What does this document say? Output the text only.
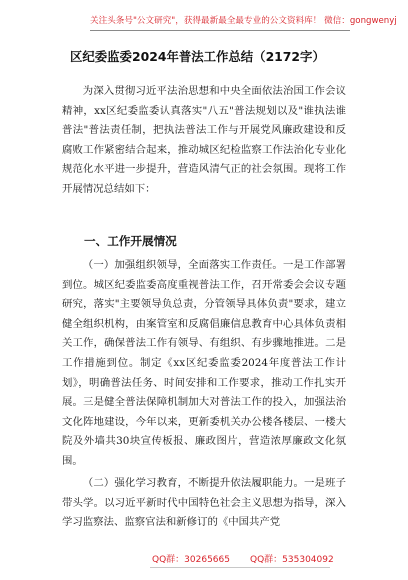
关注头条号"公文研究"，获得最新最全最专业的公文资料库！ 微信：gongwenyj
区纪委监委2024年普法工作总结（2172字）

为深入贯彻习近平法治思想和中央全面依法治国工作会议精神，xx区纪委监委认真落实"八五"普法规划以及"谁执法谁普法"普法责任制，把执法普法工作与开展党风廉政建设和反腐败工作紧密结合起来，推动城区纪检监察工作法治化专业化规范化水平进一步提升，营造风清气正的社会氛围。现将工作开展情况总结如下：

一、工作开展情况

（一）加强组织领导，全面落实工作责任。一是工作部署到位。城区纪委监委高度重视普法工作，召开常委会会议专题研究，落实"主要领导负总责，分管领导具体负责"要求，建立健全组织机构，由案管室和反腐倡廉信息教育中心具体负责相关工作，确保普法工作有领导、有组织、有步骤地推进。二是工作措施到位。制定《xx区纪委监委2024年度普法工作计划》，明确普法任务、时间安排和工作要求，推动工作扎实开展。三是健全普法保障机制加大对普法工作的投入，加强法治文化阵地建设，今年以来，更新委机关办公楼各楼层、一楼大院及外墙共30块宣传板报、廉政图片，营造浓厚廉政文化氛围。

（二）强化学习教育，不断提升依法履职能力。一是班子带头学。以习近平新时代中国特色社会主义思想为指导，深入学习监察法、监察官法和新修订的《中国共产党

QQ群：30265665 QQ群：535304092
